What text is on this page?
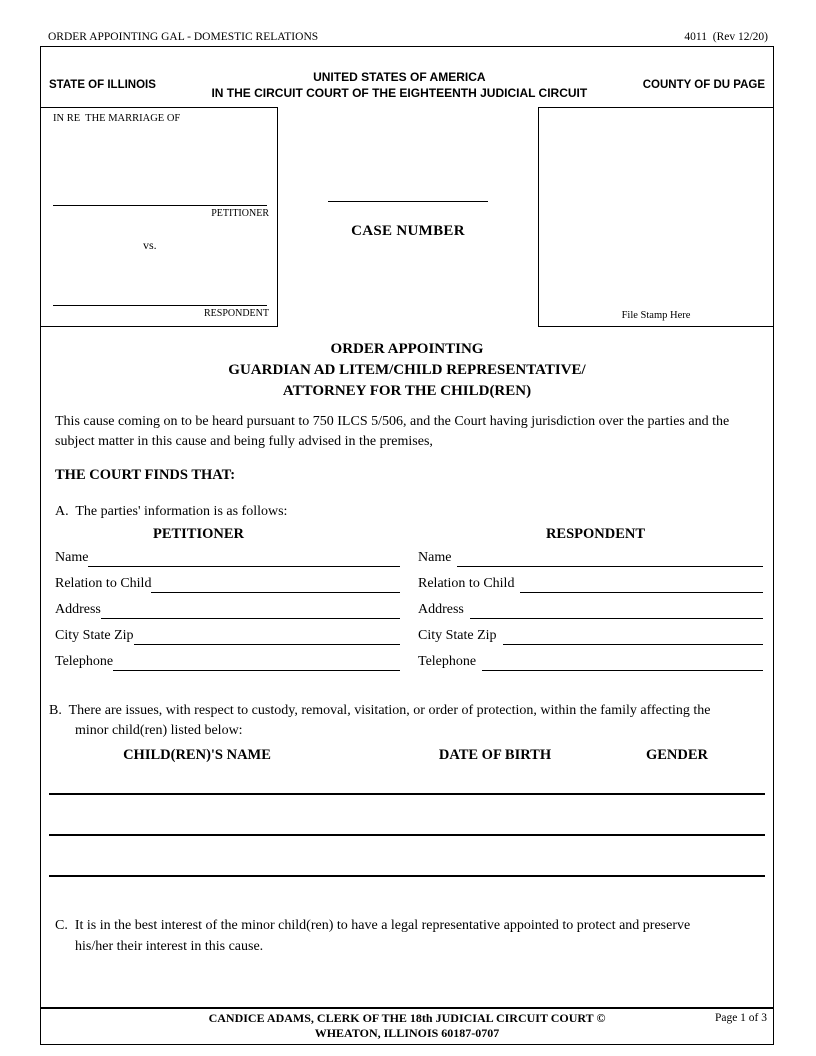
ORDER APPOINTING GAL - DOMESTIC RELATIONS	4011  (Rev 12/20)
STATE OF ILLINOIS
UNITED STATES OF AMERICA
IN THE CIRCUIT COURT OF THE EIGHTEENTH JUDICIAL CIRCUIT
COUNTY OF DU PAGE
IN RE  THE MARRIAGE OF
PETITIONER
vs.
RESPONDENT
CASE NUMBER
File Stamp Here
ORDER APPOINTING
GUARDIAN AD LITEM/CHILD REPRESENTATIVE/
ATTORNEY FOR THE CHILD(REN)

This cause coming on to be heard pursuant to 750 ILCS 5/506, and the Court having jurisdiction over the parties and the subject matter in this cause and being fully advised in the premises,

THE COURT FINDS THAT:
A.  The parties' information is as follows:
PETITIONER	RESPONDENT
Name	Name
Relation to Child	Relation to Child
Address	Address
City State Zip	City State Zip
Telephone	Telephone
B.  There are issues, with respect to custody, removal, visitation, or order of protection, within the family affecting the
minor child(ren) listed below:
CHILD(REN)'S NAME	DATE OF BIRTH	GENDER
C.  It is in the best interest of the minor child(ren) to have a legal representative appointed to protect and preserve
his/her their interest in this cause.
CANDICE ADAMS, CLERK OF THE 18th JUDICIAL CIRCUIT COURT ©
WHEATON, ILLINOIS 60187-0707
Page 1 of 3
